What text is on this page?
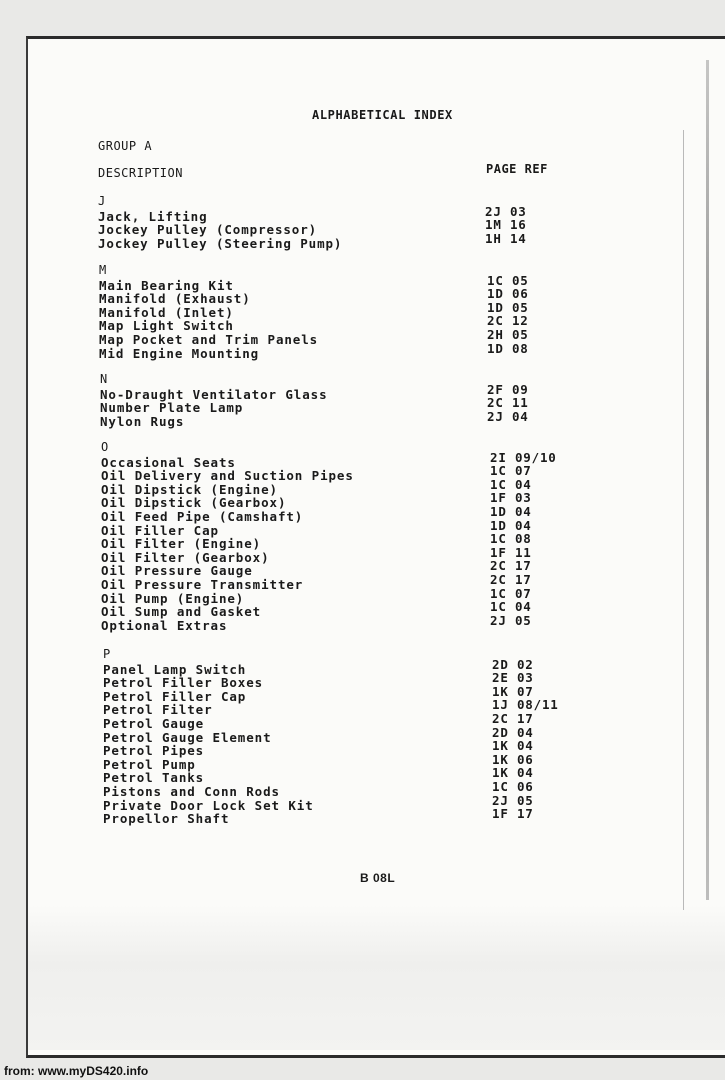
ALPHABETICAL INDEX
GROUP A
DESCRIPTION	PAGE REF
J
Jack, Lifting	2J 03
Jockey Pulley (Compressor)	1M 16
Jockey Pulley (Steering Pump)	1H 14
M
Main Bearing Kit	1C 05
Manifold (Exhaust)	1D 06
Manifold (Inlet)	1D 05
Map Light Switch	2C 12
Map Pocket and Trim Panels	2H 05
Mid Engine Mounting	1D 08
N
No-Draught Ventilator Glass	2F 09
Number Plate Lamp	2C 11
Nylon Rugs	2J 04
O
Occasional Seats	2I 09/10
Oil Delivery and Suction Pipes	1C 07
Oil Dipstick (Engine)	1C 04
Oil Dipstick (Gearbox)	1F 03
Oil Feed Pipe (Camshaft)	1D 04
Oil Filler Cap	1D 04
Oil Filter (Engine)	1C 08
Oil Filter (Gearbox)	1F 11
Oil Pressure Gauge	2C 17
Oil Pressure Transmitter	2C 17
Oil Pump (Engine)	1C 07
Oil Sump and Gasket	1C 04
Optional Extras	2J 05
P
Panel Lamp Switch	2D 02
Petrol Filler Boxes	2E 03
Petrol Filler Cap	1K 07
Petrol Filter	1J 08/11
Petrol Gauge	2C 17
Petrol Gauge Element	2D 04
Petrol Pipes	1K 04
Petrol Pump	1K 06
Petrol Tanks	1K 04
Pistons and Conn Rods	1C 06
Private Door Lock Set Kit	2J 05
Propellor Shaft	1F 17
B 08L
from: www.myDS420.info
